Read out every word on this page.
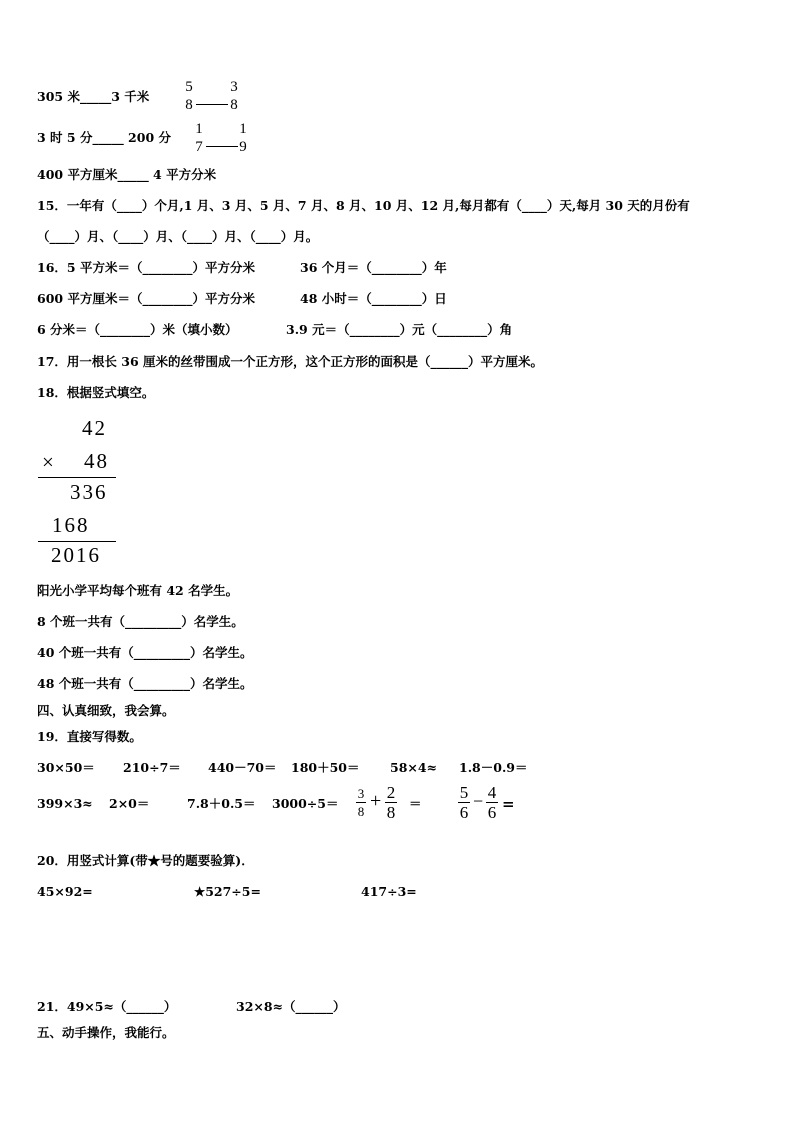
305 米_____3 千米
5
8
3
8
3 时 5 分_____ 200 分
1
7
1
9
400 平方厘米_____ 4 平方分米
15．一年有（____）个月,1 月、3 月、5 月、7 月、8 月、10 月、12 月,每月都有（____）天,每月 30 天的月份有
（____）月、（____）月、（____）月、（____）月。
16．5 平方米＝（________）平方分米	36 个月＝（________）年
600 平方厘米＝（________）平方分米	48 小时＝（________）日
6 分米＝（________）米（填小数）	3.9 元＝（________）元（________）角
17．用一根长 36 厘米的丝带围成一个正方形，这个正方形的面积是（______）平方厘米。
18．根据竖式填空。
42
× 48
336
168
2016
阳光小学平均每个班有 42 名学生。
8 个班一共有（_________）名学生。
40 个班一共有（_________）名学生。
48 个班一共有（_________）名学生。
四、认真细致，我会算。
19．直接写得数。
30×50＝ 210÷7＝ 440－70＝ 180＋50＝ 58×4≈ 1.8－0.9＝
399×3≈ 2×0＝	7.8＋0.5＝ 3000÷5＝
3
8 + 2
8 ＝
5
6
− 4
6 =
20．用竖式计算(带★号的题要验算)．
45×92=	★527÷5=	417÷3=
21．49×5≈（______）	32×8≈（______）
五、动手操作，我能行。
